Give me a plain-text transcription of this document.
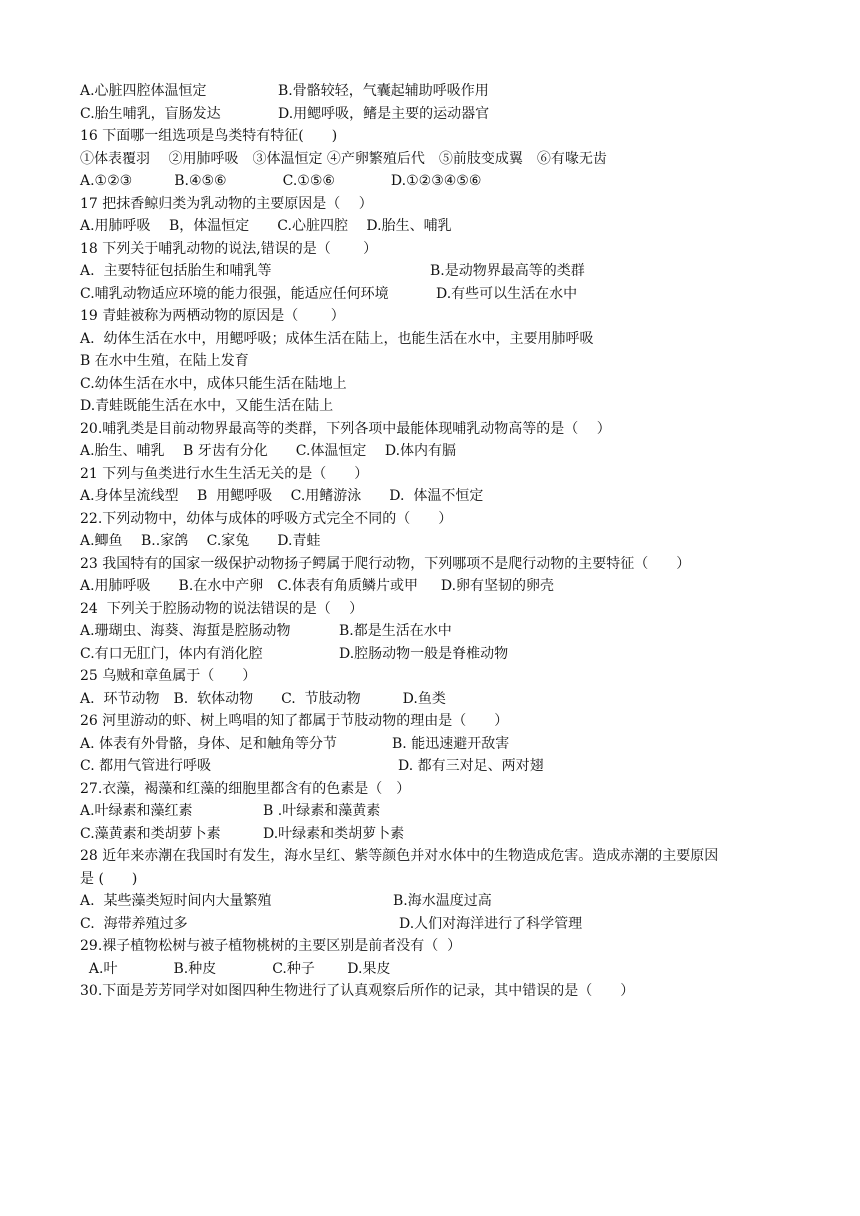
A.心脏四腔体温恒定	B.骨骼较轻，气囊起辅助呼吸作用
C.胎生哺乳，盲肠发达	D.用鳃呼吸，鳍是主要的运动器官
16 下面哪一组选项是鸟类特有特征(　　)
①体表覆羽　 ②用肺呼吸　③体温恒定 ④产卵繁殖后代　⑤前肢变成翼　⑥有喙无齿
A.①②③　　　B.④⑤⑥　　　　C.①⑤⑥　　　　D.①②③④⑤⑥
17 把抹香鲸归类为乳动物的主要原因是（　 ）
A.用肺呼吸　 B，体温恒定　　C.心脏四腔　 D.胎生、哺乳
18 下列关于哺乳动物的说法,错误的是（　　 ）
A.  主要特征包括胎生和哺乳等	B.是动物界最高等的类群
C.哺乳动物适应环境的能力很强，能适应任何环境	D.有些可以生活在水中
19 青蛙被称为两栖动物的原因是（　　 ）
A.  幼体生活在水中，用鳃呼吸；成体生活在陆上，也能生活在水中，主要用肺呼吸
B 在水中生殖，在陆上发育
C.幼体生活在水中，成体只能生活在陆地上
D.青蛙既能生活在水中，又能生活在陆上
20.哺乳类是目前动物界最高等的类群，下列各项中最能体现哺乳动物高等的是（　 ）
A.胎生、哺乳　 B 牙齿有分化　　C.体温恒定　 D.体内有膈
21 下列与鱼类进行水生生活无关的是（　　）
A.身体呈流线型　 B  用鳃呼吸　 C.用鳍游泳　　D.  体温不恒定
22.下列动物中，幼体与成体的呼吸方式完全不同的（　　）
A.鲫鱼　 B..家鸽　 C.家兔　　D.青蛙
23 我国特有的国家一级保护动物扬子鳄属于爬行动物，下列哪项不是爬行动物的主要特征（　　）
A.用肺呼吸　　B.在水中产卵　C.体表有角质鳞片或甲　  D.卵有坚韧的卵壳
24  下列关于腔肠动物的说法错误的是（　 ）
A.珊瑚虫、海葵、海蜇是腔肠动物	B.都是生活在水中
C.有口无肛门，体内有消化腔	D.腔肠动物一般是脊椎动物
25 乌贼和章鱼属于（　　）
A.  环节动物　B.  软体动物　　C.  节肢动物　　　D.鱼类
26 河里游动的虾、树上鸣唱的知了都属于节肢动物的理由是（　　）
A. 体表有外骨骼，身体、足和触角等分节	B. 能迅速避开敌害
C. 都用气管进行呼吸	D. 都有三对足、两对翅
27.衣藻，褐藻和红藻的细胞里都含有的色素是（　）
A.叶绿素和藻红素	B .叶绿素和藻黄素
C.藻黄素和类胡萝卜素	D.叶绿素和类胡萝卜素
28 近年来赤潮在我国时有发生，海水呈红、紫等颜色并对水体中的生物造成危害。造成赤潮的主要原因
是 (　　)
A.  某些藻类短时间内大量繁殖	B.海水温度过高
C.  海带养殖过多	D.人们对海洋进行了科学管理
29.裸子植物松树与被子植物桃树的主要区别是前者没有（  ）
A.叶　　　　B.种皮　　　　C.种子　　 D.果皮
30.下面是芳芳同学对如图四种生物进行了认真观察后所作的记录，其中错误的是（　　）
